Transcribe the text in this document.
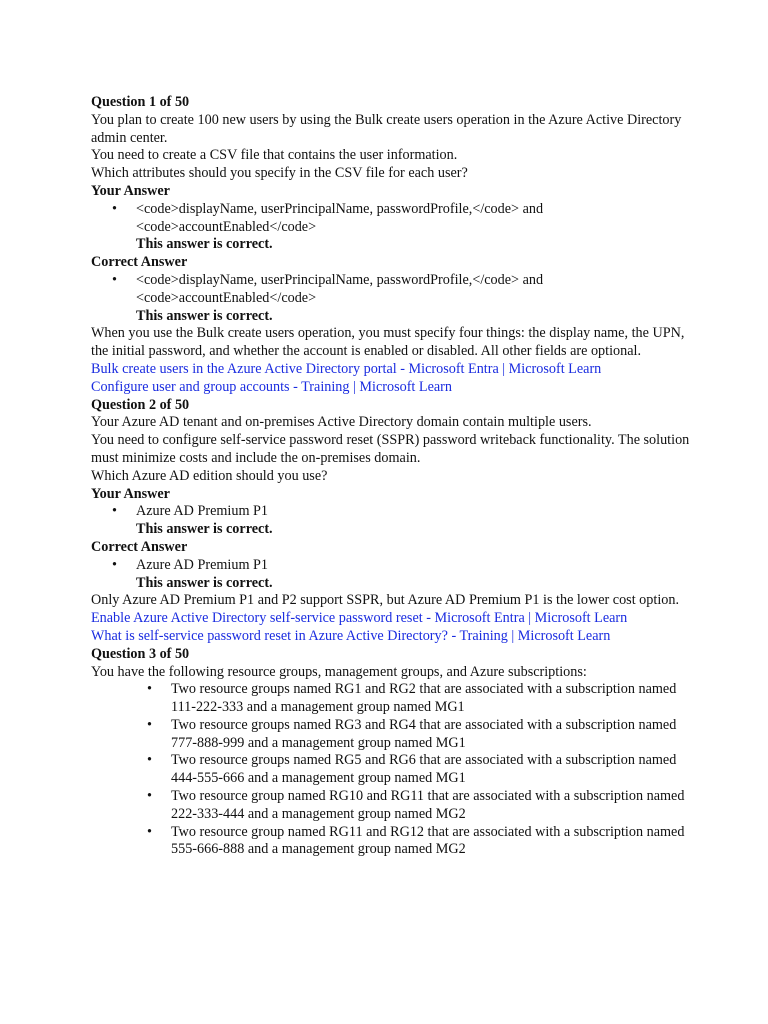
Question 1 of 50

You plan to create 100 new users by using the Bulk create users operation in the Azure Active Directory admin center.

You need to create a CSV file that contains the user information.

Which attributes should you specify in the CSV file for each user?

Your Answer
• <code>displayName, userPrincipalName, passwordProfile,</code> and <code>accountEnabled</code>
This answer is correct.
Correct Answer
• <code>displayName, userPrincipalName, passwordProfile,</code> and <code>accountEnabled</code>
This answer is correct.

When you use the Bulk create users operation, you must specify four things: the display name, the UPN, the initial password, and whether the account is enabled or disabled. All other fields are optional.

Bulk create users in the Azure Active Directory portal - Microsoft Entra | Microsoft Learn
Configure user and group accounts - Training | Microsoft Learn
Question 2 of 50

Your Azure AD tenant and on-premises Active Directory domain contain multiple users.

You need to configure self-service password reset (SSPR) password writeback functionality. The solution must minimize costs and include the on-premises domain.

Which Azure AD edition should you use?

Your Answer
• Azure AD Premium P1
This answer is correct.
Correct Answer
• Azure AD Premium P1
This answer is correct.

Only Azure AD Premium P1 and P2 support SSPR, but Azure AD Premium P1 is the lower cost option.

Enable Azure Active Directory self-service password reset - Microsoft Entra | Microsoft Learn
What is self-service password reset in Azure Active Directory? - Training | Microsoft Learn
Question 3 of 50

You have the following resource groups, management groups, and Azure subscriptions:

• Two resource groups named RG1 and RG2 that are associated with a subscription named 111-222-333 and a management group named MG1
• Two resource groups named RG3 and RG4 that are associated with a subscription named 777-888-999 and a management group named MG1
• Two resource groups named RG5 and RG6 that are associated with a subscription named 444-555-666 and a management group named MG1
• Two resource group named RG10 and RG11 that are associated with a subscription named 222-333-444 and a management group named MG2
• Two resource group named RG11 and RG12 that are associated with a subscription named 555-666-888 and a management group named MG2
